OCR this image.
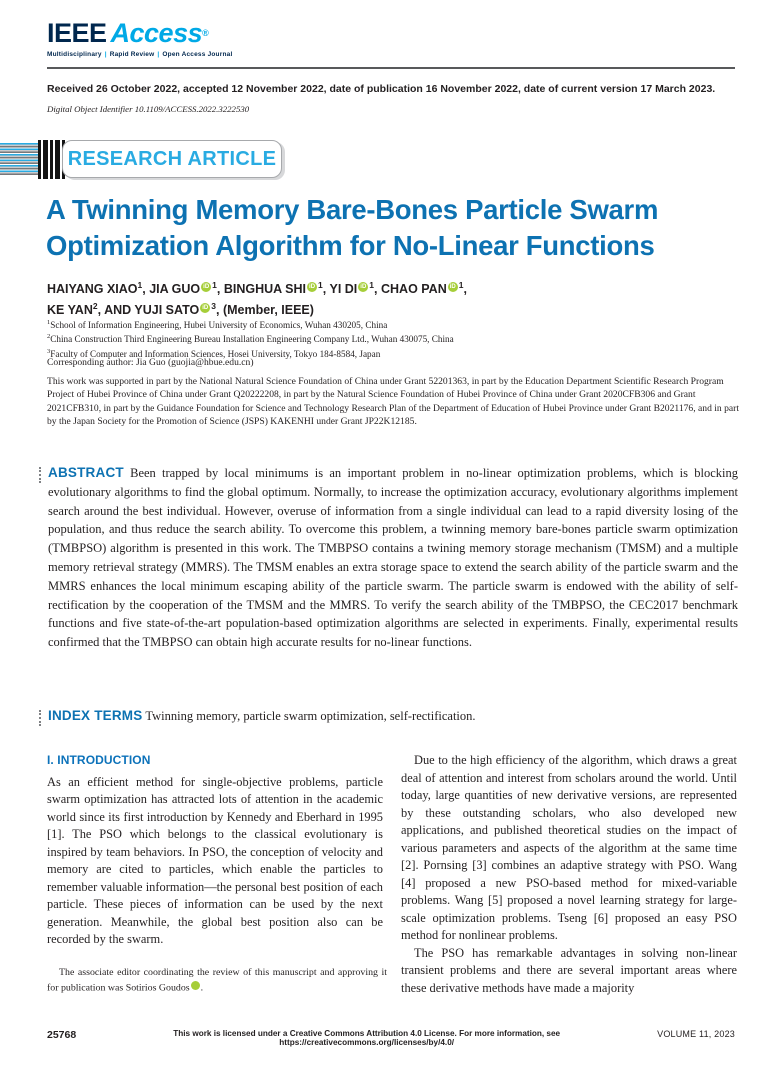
IEEE Access®
Multidisciplinary | Rapid Review | Open Access Journal
Received 26 October 2022, accepted 12 November 2022, date of publication 16 November 2022, date of current version 17 March 2023.
Digital Object Identifier 10.1109/ACCESS.2022.3222530
RESEARCH ARTICLE
A Twinning Memory Bare-Bones Particle Swarm Optimization Algorithm for No-Linear Functions
HAIYANG XIAO$^1$, JIA GUO iD $^1$, BINGHUA SHI iD $^1$, YI DI iD $^1$, CHAO PAN iD $^1$,
KE YAN$^2$, AND YUJI SATO iD $^3$, (Member, IEEE)
$^1$School of Information Engineering, Hubei University of Economics, Wuhan 430205, China
$^2$China Construction Third Engineering Bureau Installation Engineering Company Ltd., Wuhan 430075, China
$^3$Faculty of Computer and Information Sciences, Hosei University, Tokyo 184-8584, Japan
Corresponding author: Jia Guo (guojia@hbue.edu.cn)
This work was supported in part by the National Natural Science Foundation of China under Grant 52201363, in part by the Education Department Scientific Research Program Project of Hubei Province of China under Grant Q20222208, in part by the Natural Science Foundation of Hubei Province of China under Grant 2020CFB306 and Grant 2021CFB310, in part by the Guidance Foundation for Science and Technology Research Plan of the Department of Education of Hubei Province under Grant B2021176, and in part by the Japan Society for the Promotion of Science (JSPS) KAKENHI under Grant JP22K12185.
ABSTRACT Been trapped by local minimums is an important problem in no-linear optimization problems, which is blocking evolutionary algorithms to find the global optimum. Normally, to increase the optimization accuracy, evolutionary algorithms implement search around the best individual. However, overuse of information from a single individual can lead to a rapid diversity losing of the population, and thus reduce the search ability. To overcome this problem, a twinning memory bare-bones particle swarm optimization (TMBPSO) algorithm is presented in this work. The TMBPSO contains a twining memory storage mechanism (TMSM) and a multiple memory retrieval strategy (MMRS). The TMSM enables an extra storage space to extend the search ability of the particle swarm and the MMRS enhances the local minimum escaping ability of the particle swarm. The particle swarm is endowed with the ability of self-rectification by the cooperation of the TMSM and the MMRS. To verify the search ability of the TMBPSO, the CEC2017 benchmark functions and five state-of-the-art population-based optimization algorithms are selected in experiments. Finally, experimental results confirmed that the TMBPSO can obtain high accurate results for no-linear functions.
INDEX TERMS Twinning memory, particle swarm optimization, self-rectification.
I. INTRODUCTION

As an efficient method for single-objective problems, particle swarm optimization has attracted lots of attention in the academic world since its first introduction by Kennedy and Eberhard in 1995 [1]. The PSO which belongs to the classical evolutionary is inspired by team behaviors. In PSO, the conception of velocity and memory are cited to particles, which enable the particles to remember valuable information—the personal best position of each particle. These pieces of information can be used by the next generation. Meanwhile, the global best position also can be recorded by the swarm.

Due to the high efficiency of the algorithm, which draws a great deal of attention and interest from scholars around the world. Until today, large quantities of new derivative versions, are represented by these outstanding scholars, who also developed new applications, and published theoretical studies on the impact of various parameters and aspects of the algorithm at the same time [2]. Pornsing [3] combines an adaptive strategy with PSO. Wang [4] proposed a new PSO-based method for mixed-variable problems. Wang [5] proposed a novel learning strategy for large-scale optimization problems. Tseng [6] proposed an easy PSO method for nonlinear problems.

The PSO has remarkable advantages in solving non-linear transient problems and there are several important areas where these derivative methods have made a majority

The associate editor coordinating the review of this manuscript and approving it for publication was Sotirios Goudos iD.
25768	This work is licensed under a Creative Commons Attribution 4.0 License. For more information, see https://creativecommons.org/licenses/by/4.0/
VOLUME 11, 2023
